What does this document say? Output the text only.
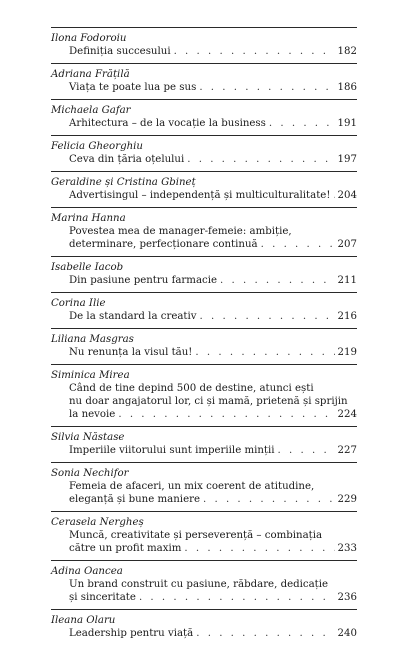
Ilona Fodoroiu
Definiția succesului . . .	182
Adriana Frățilă
Viața te poate lua pe sus . . .	186
Michaela Gafar
Arhitectura – de la vocație la business . . .	191
Felicia Gheorghiu
Ceva din țăria oțelului . . .	197
Geraldine și Cristina Gbineț
Advertisingul – independență și multiculturalitate! . . . 204
Marina Hanna
Povestea mea de manager-femeie: ambiție,
determinare, perfecționare continuă . . .	207
Isabelle Iacob
Din pasiune pentru farmacie . . .	211
Corina Ilie
De la standard la creativ . . .	216
Liliana Masgras
Nu renunța la visul tău! . . .	219
Siminica Mirea
Când de tine depind 500 de destine, atunci ești
nu doar angajatorul lor, ci și mamă, prietenă și sprijin
la nevoie . . .	224
Silvia Năstase
Imperiile viitorului sunt imperiile minții . . .	227
Sonia Nechifor
Femeia de afaceri, un mix coerent de atitudine,
eleganță și bune maniere . . .	229
Cerasela Nergheș
Muncă, creativitate și perseverență – combinația
către un profit maxim . . .	233
Adina Oancea
Un brand construit cu pasiune, răbdare, dedicație
și sinceritate . . .	236
Ileana Olaru
Leadership pentru viață . . .	240
